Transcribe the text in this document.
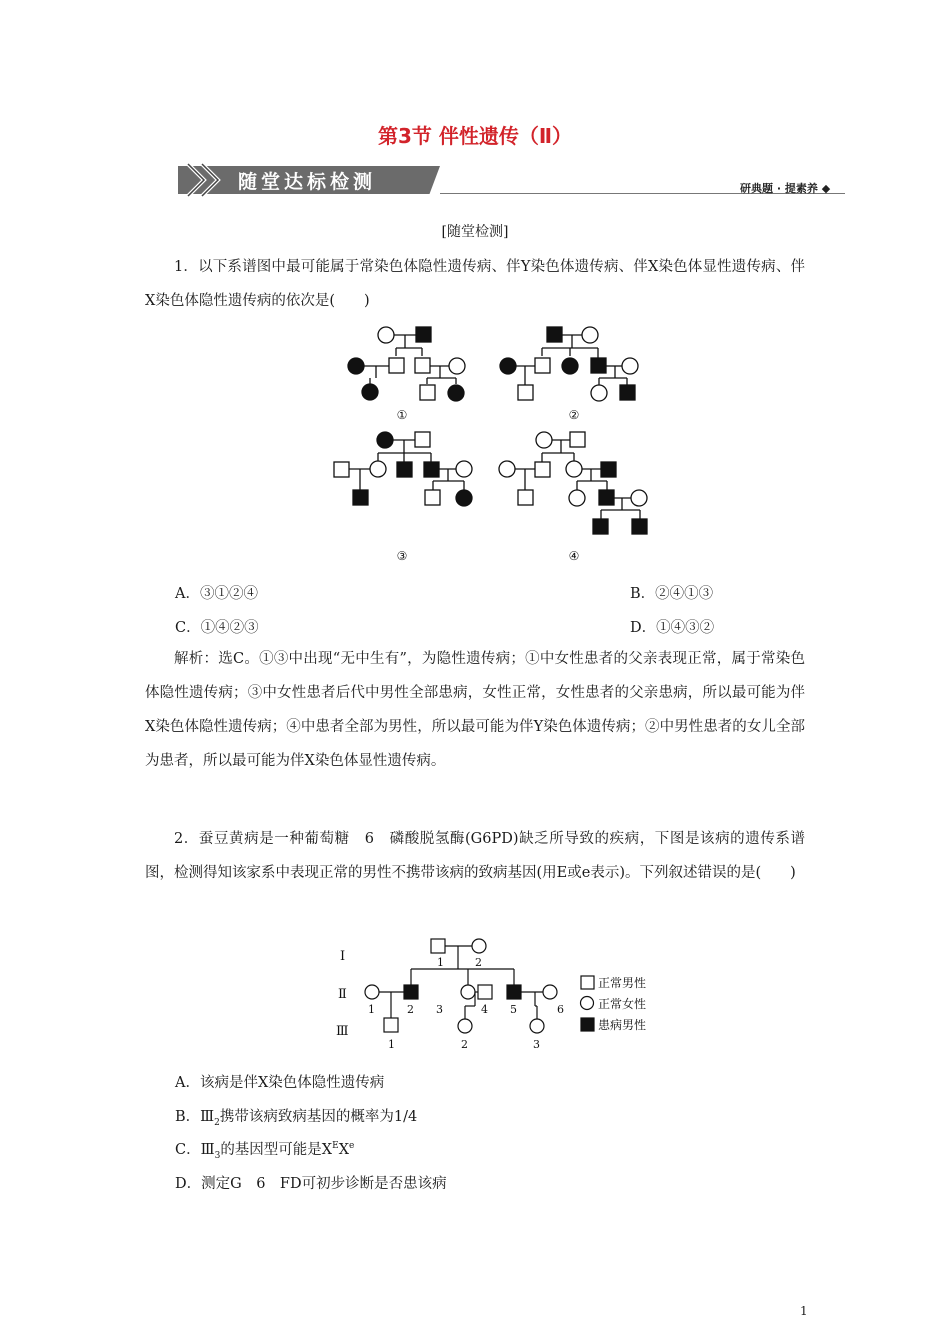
第3节 伴性遗传（Ⅱ）
随堂达标检测	研典题 · 提素养 ◆
[随堂检测]
1．以下系谱图中最可能属于常染色体隐性遗传病、伴Y染色体遗传病、伴X染色体显性遗传病、伴X染色体隐性遗传病的依次是(　　)
①	②
③	④
A．③①②④	B．②④①③
C．①④②③	D．①④③②
解析：选C。①③中出现“无中生有”，为隐性遗传病；①中女性患者的父亲表现正常，属于常染色体隐性遗传病；③中女性患者后代中男性全部患病，女性正常，女性患者的父亲患病，所以最可能为伴X染色体隐性遗传病；④中患者全部为男性，所以最可能为伴Y染色体遗传病；②中男性患者的女儿全部为患者，所以最可能为伴X染色体显性遗传病。
2．蚕豆黄病是一种葡萄糖　6　磷酸脱氢酶(G6PD)缺乏所导致的疾病，下图是该病的遗传系谱图，检测得知该家系中表现正常的男性不携带该病的致病基因(用E或e表示)。下列叙述错误的是(　　)
Ⅰ
Ⅱ
Ⅲ
1	2
1	2 3	4 5	6
1	2	3
正常男性
正常女性
患病男性
A．该病是伴X染色体隐性遗传病
B．$Ⅲ_2$携带该病致病基因的概率为1/4
C．$Ⅲ_3$的基因型可能是$X^EXe$
D．测定G　6　FD可初步诊断是否患该病
1
